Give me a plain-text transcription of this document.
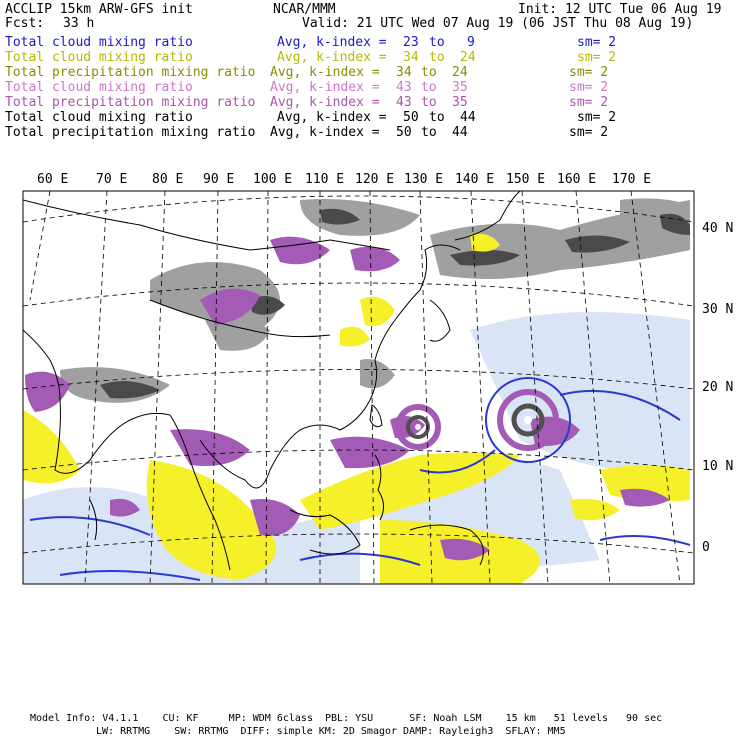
ACCLIP 15km ARW-GFS init	NCAR/MMM	Init: 12 UTC Tue 06 Aug 19
Fcst: 33 h	Valid: 21 UTC Wed 07 Aug 19 (06 JST Thu 08 Aug 19)
Total cloud mixing ratio	Avg, k-index = 23 to 9	sm= 2
Total cloud mixing ratio	Avg, k-index = 34 to 24	sm= 2
Total precipitation mixing ratio Avg, k-index = 34 to 24	sm= 2
Total cloud mixing ratio	Avg, k-index = 43 to 35	sm= 2
Total precipitation mixing ratio Avg, k-index = 43 to 35	sm= 2
Total cloud mixing ratio	Avg, k-index = 50 to 44	sm= 2
Total precipitation mixing ratio Avg, k-index = 50 to 44	sm= 2
60 E 70 E 80 E 90 E 100 E 110 E 120 E 130 E 140 E 150 E 160 E 170 E
40 N
30 N
20 N
10 N
0
Model Info: V4.1.1    CU: KF     MP: WDM 6class  PBL: YSU      SF: Noah LSM    15 km   51 levels   90 sec
LW: RRTMG    SW: RRTMG  DIFF: simple KM: 2D Smagor DAMP: Rayleigh3  SFLAY: MM5
